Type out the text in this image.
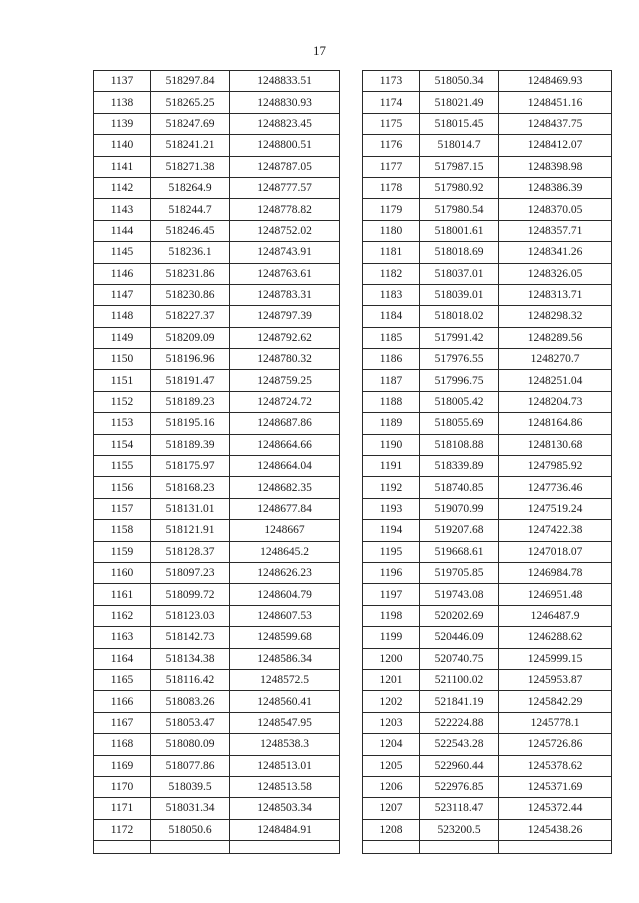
17
1137	518297.84	1248833.51
1138	518265.25	1248830.93
1139	518247.69	1248823.45
1140	518241.21	1248800.51
1141	518271.38	1248787.05
1142	518264.9	1248777.57
1143	518244.7	1248778.82
1144	518246.45	1248752.02
1145	518236.1	1248743.91
1146	518231.86	1248763.61
1147	518230.86	1248783.31
1148	518227.37	1248797.39
1149	518209.09	1248792.62
1150	518196.96	1248780.32
1151	518191.47	1248759.25
1152	518189.23	1248724.72
1153	518195.16	1248687.86
1154	518189.39	1248664.66
1155	518175.97	1248664.04
1156	518168.23	1248682.35
1157	518131.01	1248677.84
1158	518121.91	1248667
1159	518128.37	1248645.2
1160	518097.23	1248626.23
1161	518099.72	1248604.79
1162	518123.03	1248607.53
1163	518142.73	1248599.68
1164	518134.38	1248586.34
1165	518116.42	1248572.5
1166	518083.26	1248560.41
1167	518053.47	1248547.95
1168	518080.09	1248538.3
1169	518077.86	1248513.01
1170	518039.5	1248513.58
1171	518031.34	1248503.34
1172	518050.6	1248484.91

1173	518050.34	1248469.93
1174	518021.49	1248451.16
1175	518015.45	1248437.75
1176	518014.7	1248412.07
1177	517987.15	1248398.98
1178	517980.92	1248386.39
1179	517980.54	1248370.05
1180	518001.61	1248357.71
1181	518018.69	1248341.26
1182	518037.01	1248326.05
1183	518039.01	1248313.71
1184	518018.02	1248298.32
1185	517991.42	1248289.56
1186	517976.55	1248270.7
1187	517996.75	1248251.04
1188	518005.42	1248204.73
1189	518055.69	1248164.86
1190	518108.88	1248130.68
1191	518339.89	1247985.92
1192	518740.85	1247736.46
1193	519070.99	1247519.24
1194	519207.68	1247422.38
1195	519668.61	1247018.07
1196	519705.85	1246984.78
1197	519743.08	1246951.48
1198	520202.69	1246487.9
1199	520446.09	1246288.62
1200	520740.75	1245999.15
1201	521100.02	1245953.87
1202	521841.19	1245842.29
1203	522224.88	1245778.1
1204	522543.28	1245726.86
1205	522960.44	1245378.62
1206	522976.85	1245371.69
1207	523118.47	1245372.44
1208	523200.5	1245438.26
